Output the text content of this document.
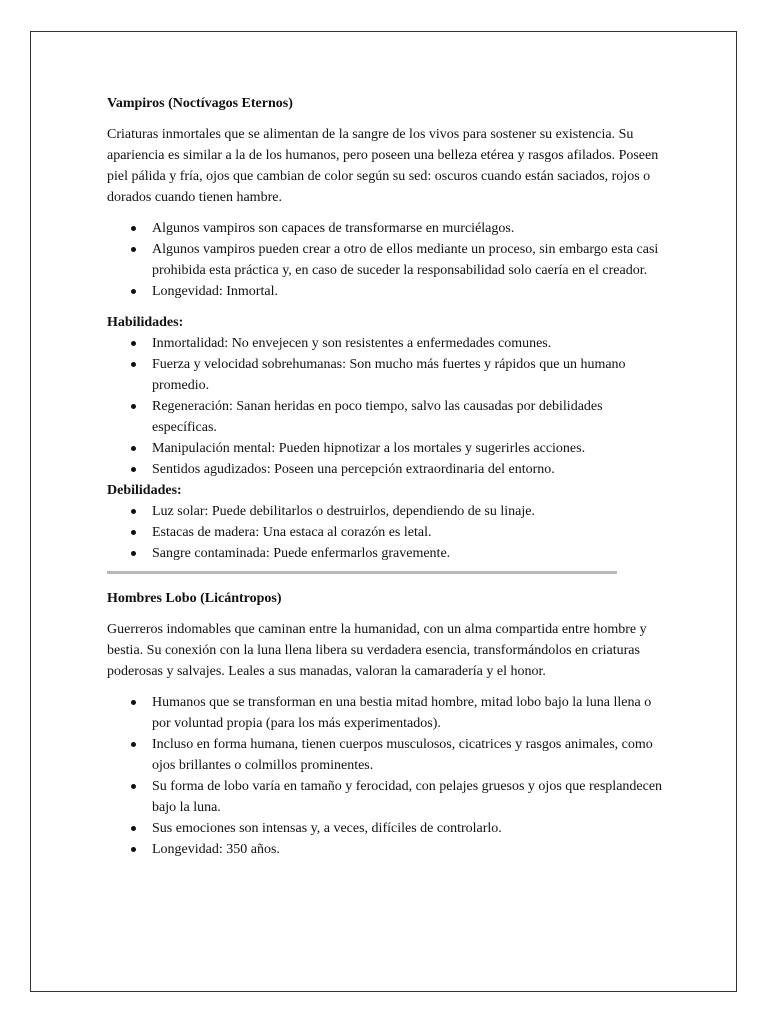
Vampiros (Noctívagos Eternos)

Criaturas inmortales que se alimentan de la sangre de los vivos para sostener su existencia. Su apariencia es similar a la de los humanos, pero poseen una belleza etérea y rasgos afilados. Poseen piel pálida y fría, ojos que cambian de color según su sed: oscuros cuando están saciados, rojos o dorados cuando tienen hambre.

Algunos vampiros son capaces de transformarse en murciélagos.
Algunos vampiros pueden crear a otro de ellos mediante un proceso, sin embargo esta casi prohibida esta práctica y, en caso de suceder la responsabilidad solo caería en el creador.
Longevidad: Inmortal.

Habilidades:

Inmortalidad: No envejecen y son resistentes a enfermedades comunes.
Fuerza y velocidad sobrehumanas: Son mucho más fuertes y rápidos que un humano promedio.
Regeneración: Sanan heridas en poco tiempo, salvo las causadas por debilidades específicas.
Manipulación mental: Pueden hipnotizar a los mortales y sugerirles acciones.
Sentidos agudizados: Poseen una percepción extraordinaria del entorno.

Debilidades:

Luz solar: Puede debilitarlos o destruirlos, dependiendo de su linaje.
Estacas de madera: Una estaca al corazón es letal.
Sangre contaminada: Puede enfermarlos gravemente.
Hombres Lobo (Licántropos)

Guerreros indomables que caminan entre la humanidad, con un alma compartida entre hombre y bestia. Su conexión con la luna llena libera su verdadera esencia, transformándolos en criaturas poderosas y salvajes. Leales a sus manadas, valoran la camaradería y el honor.

Humanos que se transforman en una bestia mitad hombre, mitad lobo bajo la luna llena o por voluntad propia (para los más experimentados).
Incluso en forma humana, tienen cuerpos musculosos, cicatrices y rasgos animales, como ojos brillantes o colmillos prominentes.
Su forma de lobo varía en tamaño y ferocidad, con pelajes gruesos y ojos que resplandecen bajo la luna.
Sus emociones son intensas y, a veces, difíciles de controlarlo.
Longevidad: 350 años.
